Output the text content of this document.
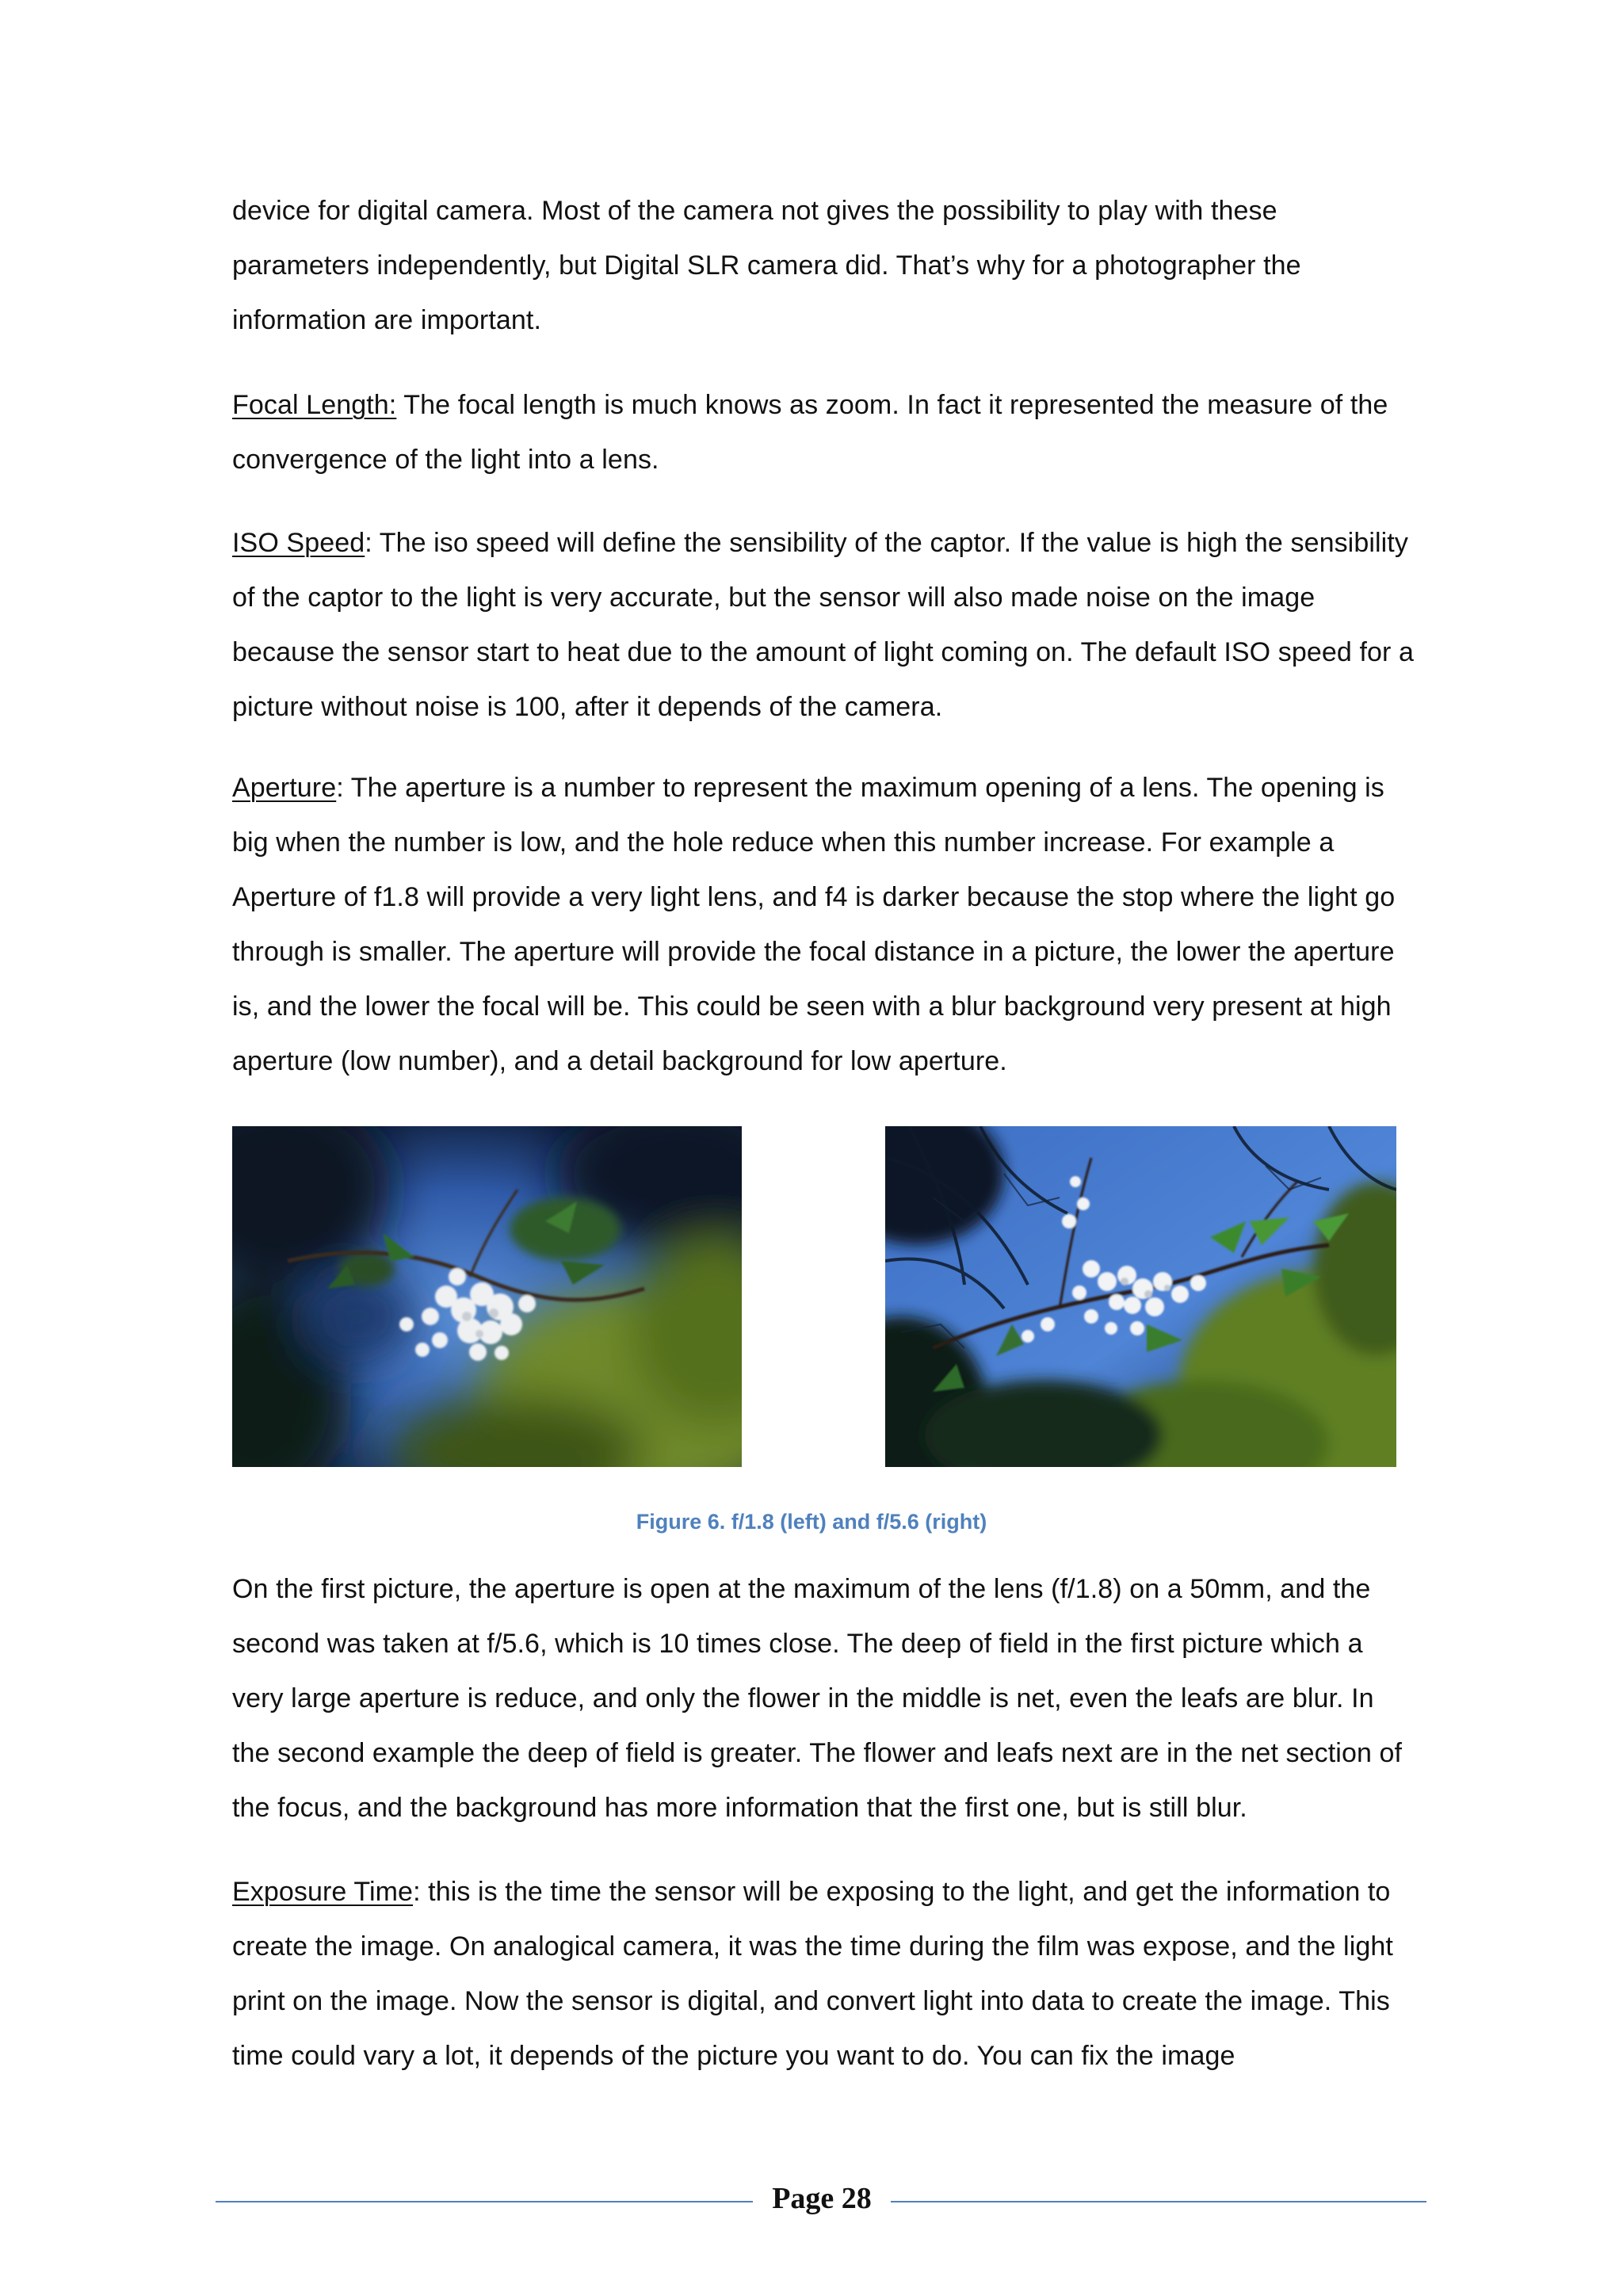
device for digital camera. Most of the camera not gives the possibility to play with these parameters independently, but Digital SLR camera did. That’s why for a photographer the information are important.

Focal Length: The focal length is much knows as zoom. In fact it represented the measure of the convergence of the light into a lens.

ISO Speed: The iso speed will define the sensibility of the captor. If the value is high the sensibility of the captor to the light is very accurate, but the sensor will also made noise on the image because the sensor start to heat due to the amount of light coming on. The default ISO speed for a picture without noise is 100, after it depends of the camera.

Aperture: The aperture is a number to represent the maximum opening of a lens. The opening is big when the number is low, and the hole reduce when this number increase. For example a Aperture of f1.8 will provide a very light lens, and f4 is darker because the stop where the light go through is smaller. The aperture will provide the focal distance in a picture, the lower the aperture is, and the lower the focal will be. This could be seen with a blur background very present at high aperture (low number), and a detail background for low aperture.

Figure 6. f/1.8 (left) and f/5.6 (right)

On the first picture, the aperture is open at the maximum of the lens (f/1.8) on a 50mm, and the second was taken at f/5.6, which is 10 times close. The deep of field in the first picture which a very large aperture is reduce, and only the flower in the middle is net, even the leafs are blur. In the second example the deep of field is greater. The flower and leafs next are in the net section of the focus, and the background has more information that the first one, but is still blur.

Exposure Time: this is the time the sensor will be exposing to the light, and get the information to create the image. On analogical camera, it was the time during the film was expose, and the light print on the image. Now the sensor is digital, and convert light into data to create the image. This time could vary a lot, it depends of the picture you want to do. You can fix the image

Page 28
